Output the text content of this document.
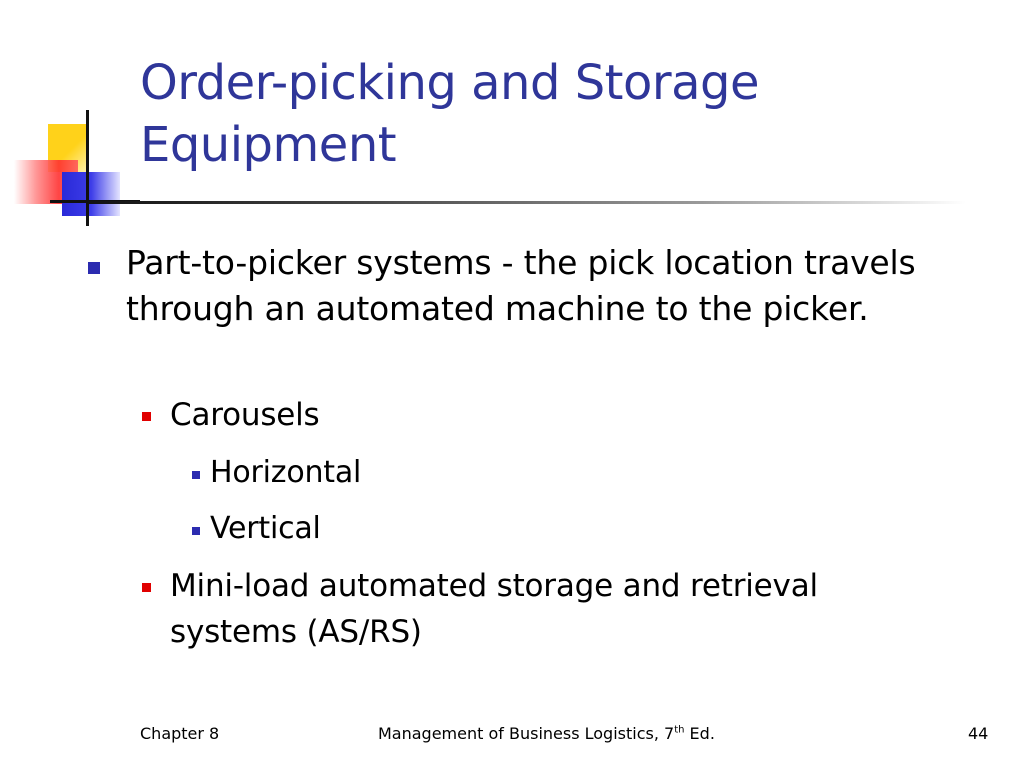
Order-picking and Storage Equipment
Part-to-picker systems - the pick location travels through an automated machine to the picker.
Carousels
Horizontal
Vertical
Mini-load automated storage and retrieval systems (AS/RS)
Chapter 8	Management of Business Logistics, 7th Ed.	44
